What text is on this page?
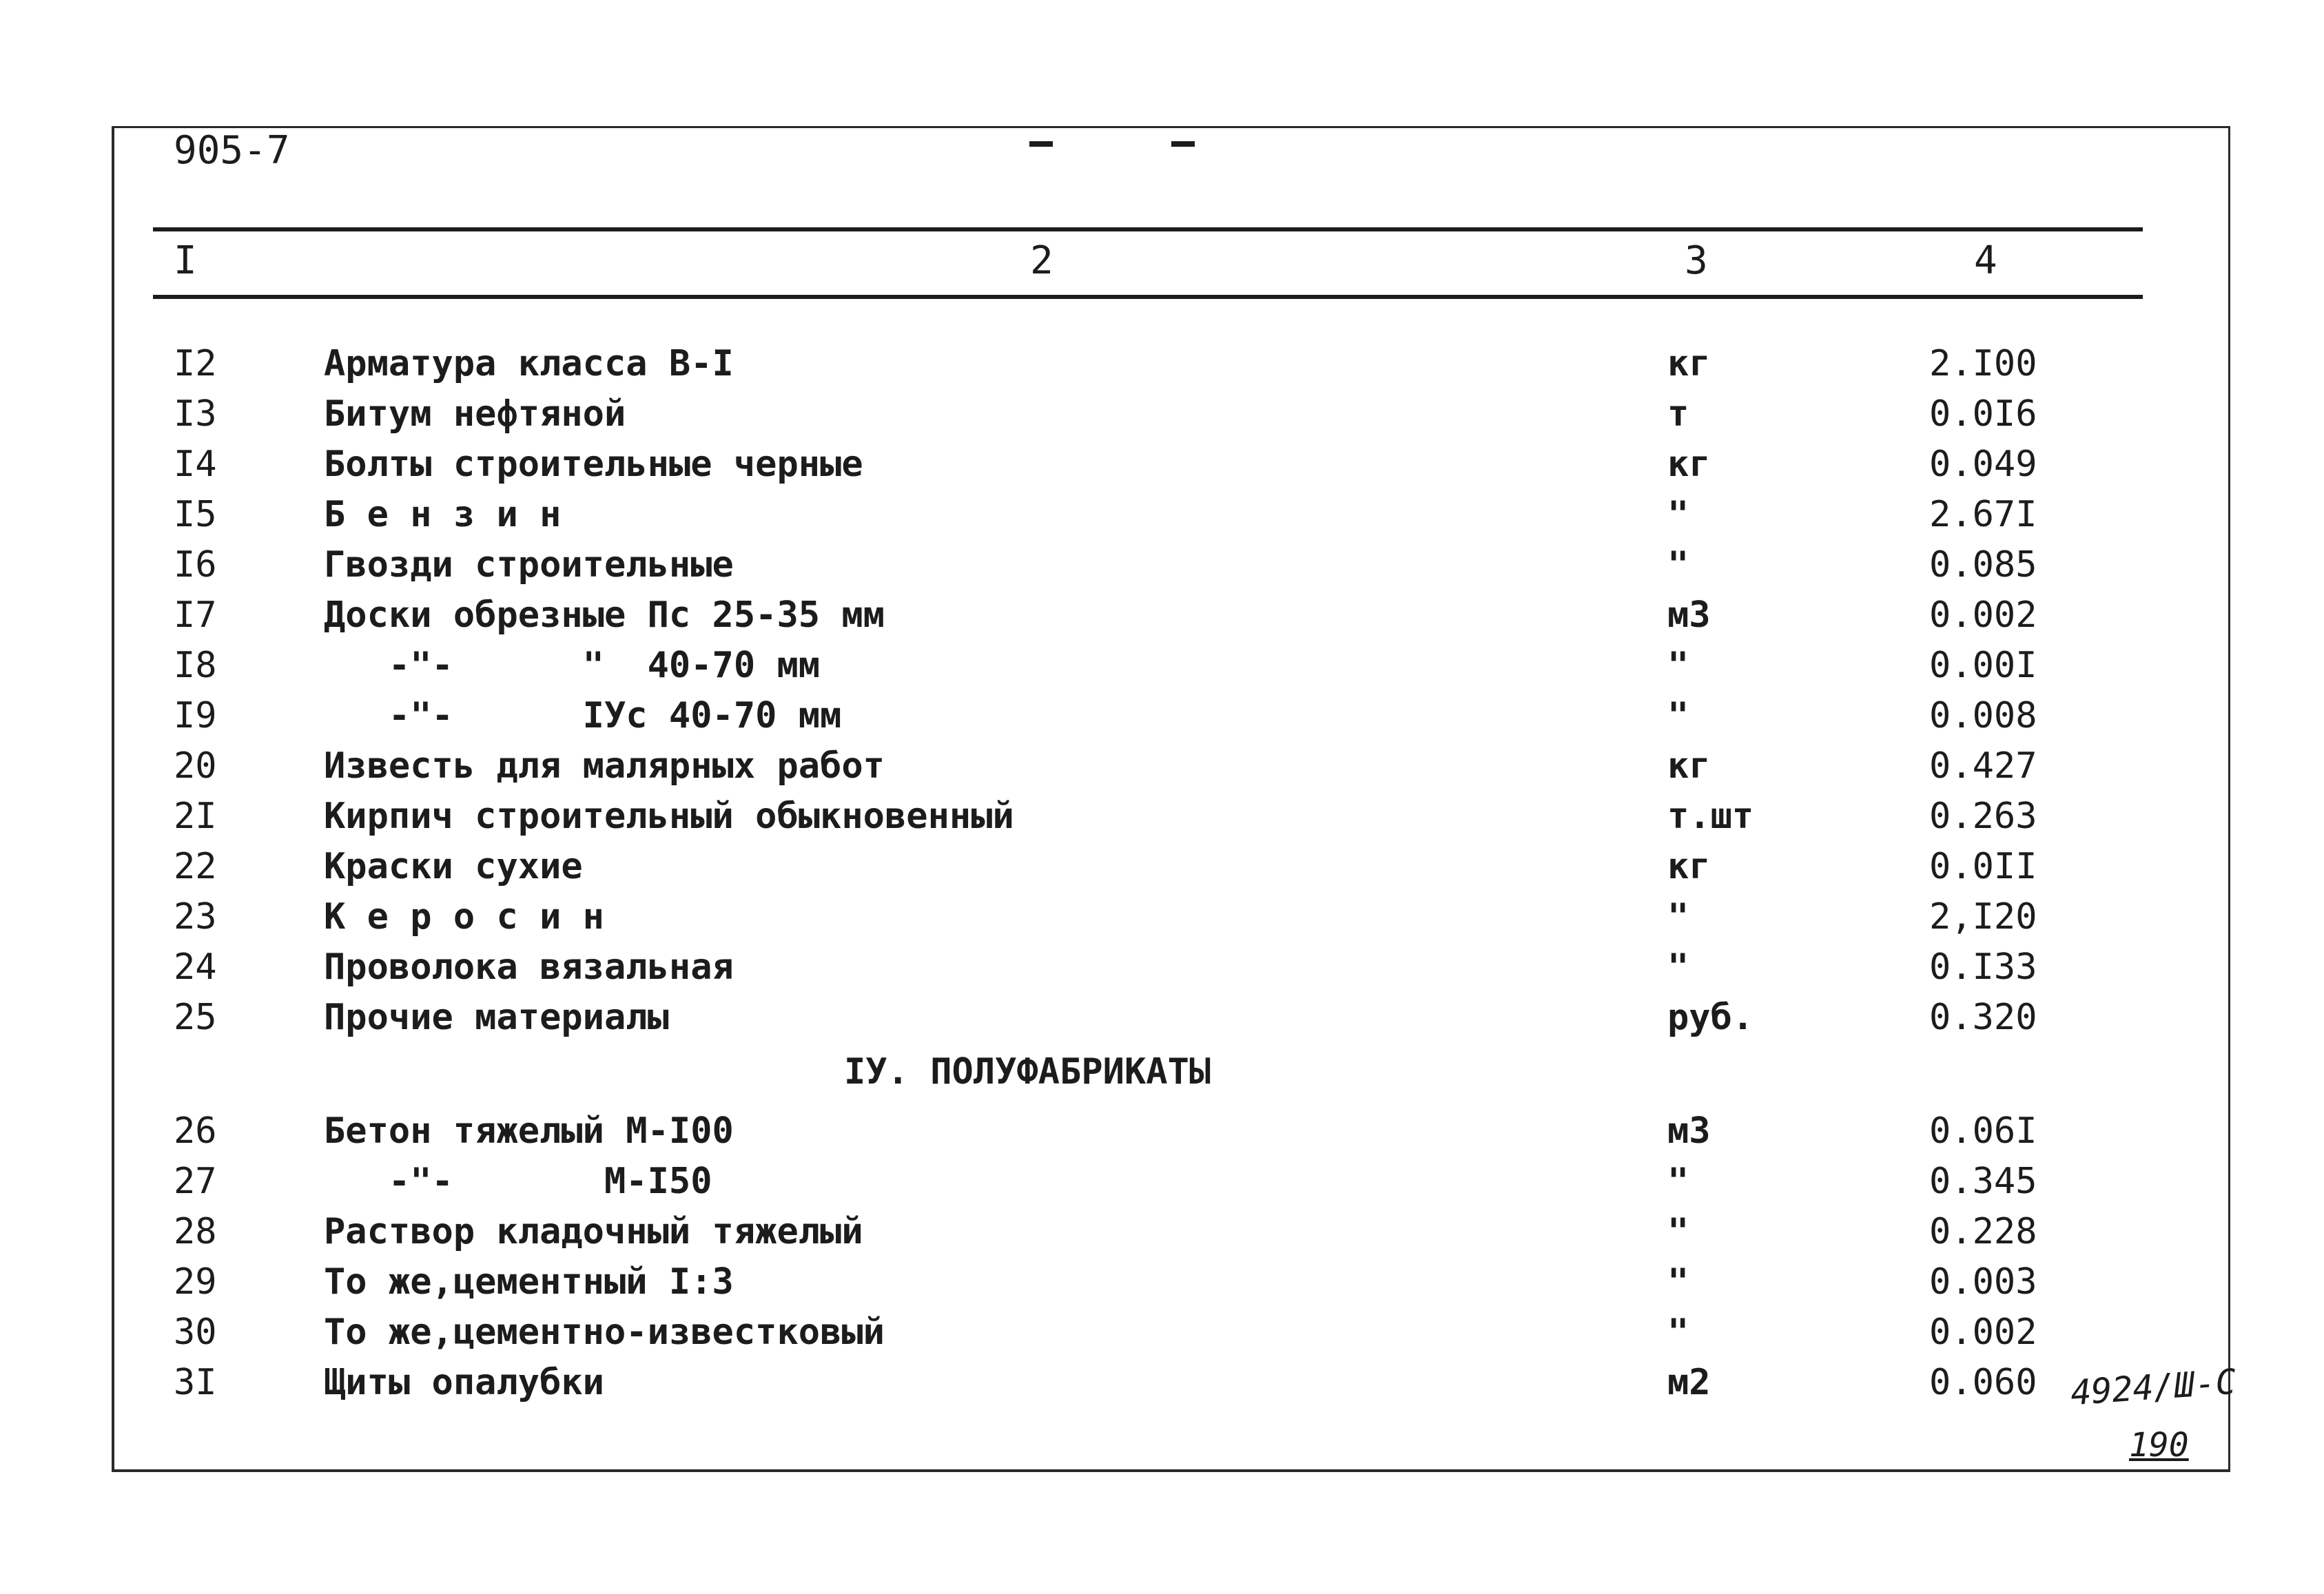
905-7
I	2	3	4
I2	Арматура класса В-I	кг	2.I00
I3	Битум нефтяной	т	0.0I6
I4	Болты строительные черные	кг	0.049
I5	Б е н з и н	"	2.67I
I6	Гвозди строительные	"	0.085
I7	Доски обрезные Пс 25-35 мм	м3	0.002
I8	-"-      "  40-70 мм	"	0.00I
I9	-"-      IУс 40-70 мм	"	0.008
20	Известь для малярных работ	кг	0.427
2I	Кирпич строительный обыкновенный	т.шт	0.263
22	Краски сухие	кг	0.0II
23	К е р о с и н	"	2,I20
24	Проволока вязальная	"	0.I33
25	Прочие материалы	руб.	0.320
IУ. ПОЛУФАБРИКАТЫ
26	Бетон тяжелый М-I00	м3	0.06I
27	-"-       М-I50	"	0.345
28	Раствор кладочный тяжелый	"	0.228
29	То же,цементный I:3	"	0.003
30	То же,цементно-известковый	"	0.002
3I	Щиты опалубки	м2	0.060 4924/Ш-С
190
